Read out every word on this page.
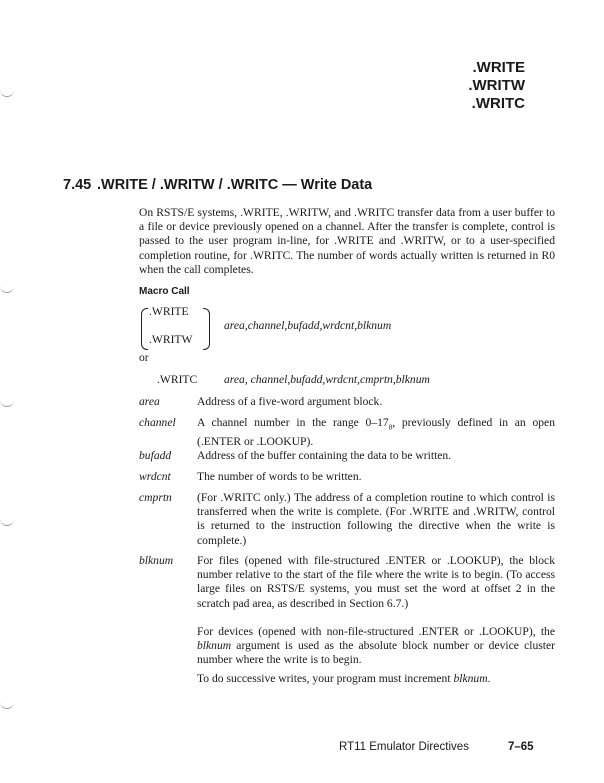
.WRITE
.WRITW
.WRITC
7.45 .WRITE / .WRITW / .WRITC — Write Data
On RSTS/E systems, .WRITE, .WRITW, and .WRITC transfer data from a user buffer to a file or device previously opened on a channel. After the transfer is complete, control is passed to the user program in-line, for .WRITE and .WRITW, or to a user-specified completion routine, for .WRITC. The number of words actually written is returned in R0 when the call completes.
Macro Call
.WRITE
.WRITW
area,channel,bufadd,wrdcnt,blknum
or
.WRITC area, channel,bufadd,wrdcnt,cmprtn,blknum
area	Address of a five-word argument block.
channel A channel number in the range $0-17_8$, previously defined in an open (.ENTER or .LOOKUP).
bufadd Address of the buffer containing the data to be written.
wrdcnt The number of words to be written.
cmprtn (For .WRITC only.) The address of a completion routine to which control is transferred when the write is complete. (For .WRITE and .WRITW, control is returned to the instruction following the directive when the write is complete.)
blknum For files (opened with file-structured .ENTER or .LOOKUP), the block number relative to the start of the file where the write is to begin. (To access large files on RSTS/E systems, you must set the word at offset 2 in the scratch pad area, as described in Section 6.7.)
For devices (opened with non-file-structured .ENTER or .LOOKUP), the blknum argument is used as the absolute block number or device cluster number where the write is to begin.
To do successive writes, your program must increment blknum.
RT11 Emulator Directives	7–65
